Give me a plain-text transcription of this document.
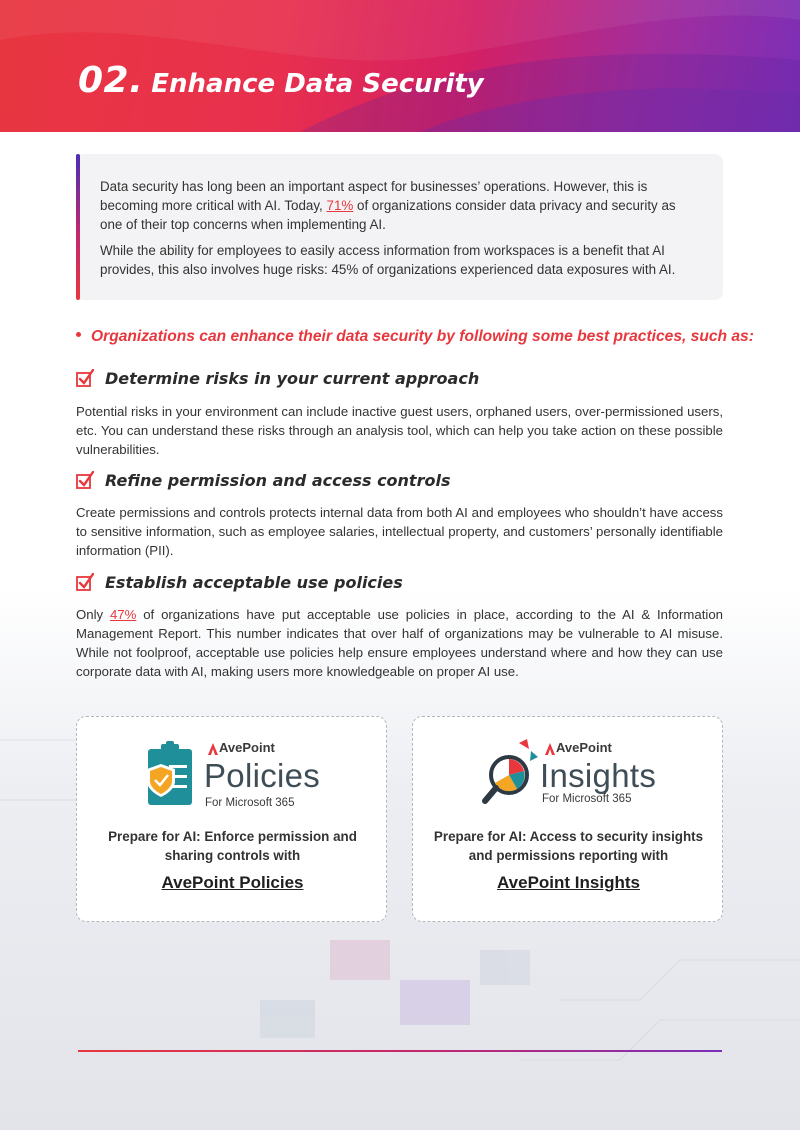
02. Enhance Data Security

Data security has long been an important aspect for businesses’ operations. However, this is becoming more critical with AI. Today, 71% of organizations consider data privacy and security as one of their top concerns when implementing AI.

While the ability for employees to easily access information from workspaces is a benefit that AI provides, this also involves huge risks: 45% of organizations experienced data exposures with AI.

Organizations can enhance their data security by following some best practices, such as:
Determine risks in your current approach

Potential risks in your environment can include inactive guest users, orphaned users, over-permissioned users, etc. You can understand these risks through an analysis tool, which can help you take action on these possible vulnerabilities.

Refine permission and access controls

Create permissions and controls protects internal data from both AI and employees who shouldn’t have access to sensitive information, such as employee salaries, intellectual property, and customers’ personally identifiable information (PII).

Establish acceptable use policies

Only 47% of organizations have put acceptable use policies in place, according to the AI & Information Management Report. This number indicates that over half of organizations may be vulnerable to AI misuse. While not foolproof, acceptable use policies help ensure employees understand where and how they can use corporate data with AI, making users more knowledgeable on proper AI use.

AvePoint
Policies
For Microsoft 365
Prepare for AI: Enforce permission and sharing controls with
AvePoint Policies
AvePoint
Insights
For Microsoft 365
Prepare for AI: Access to security insights and permissions reporting with
AvePoint Insights
